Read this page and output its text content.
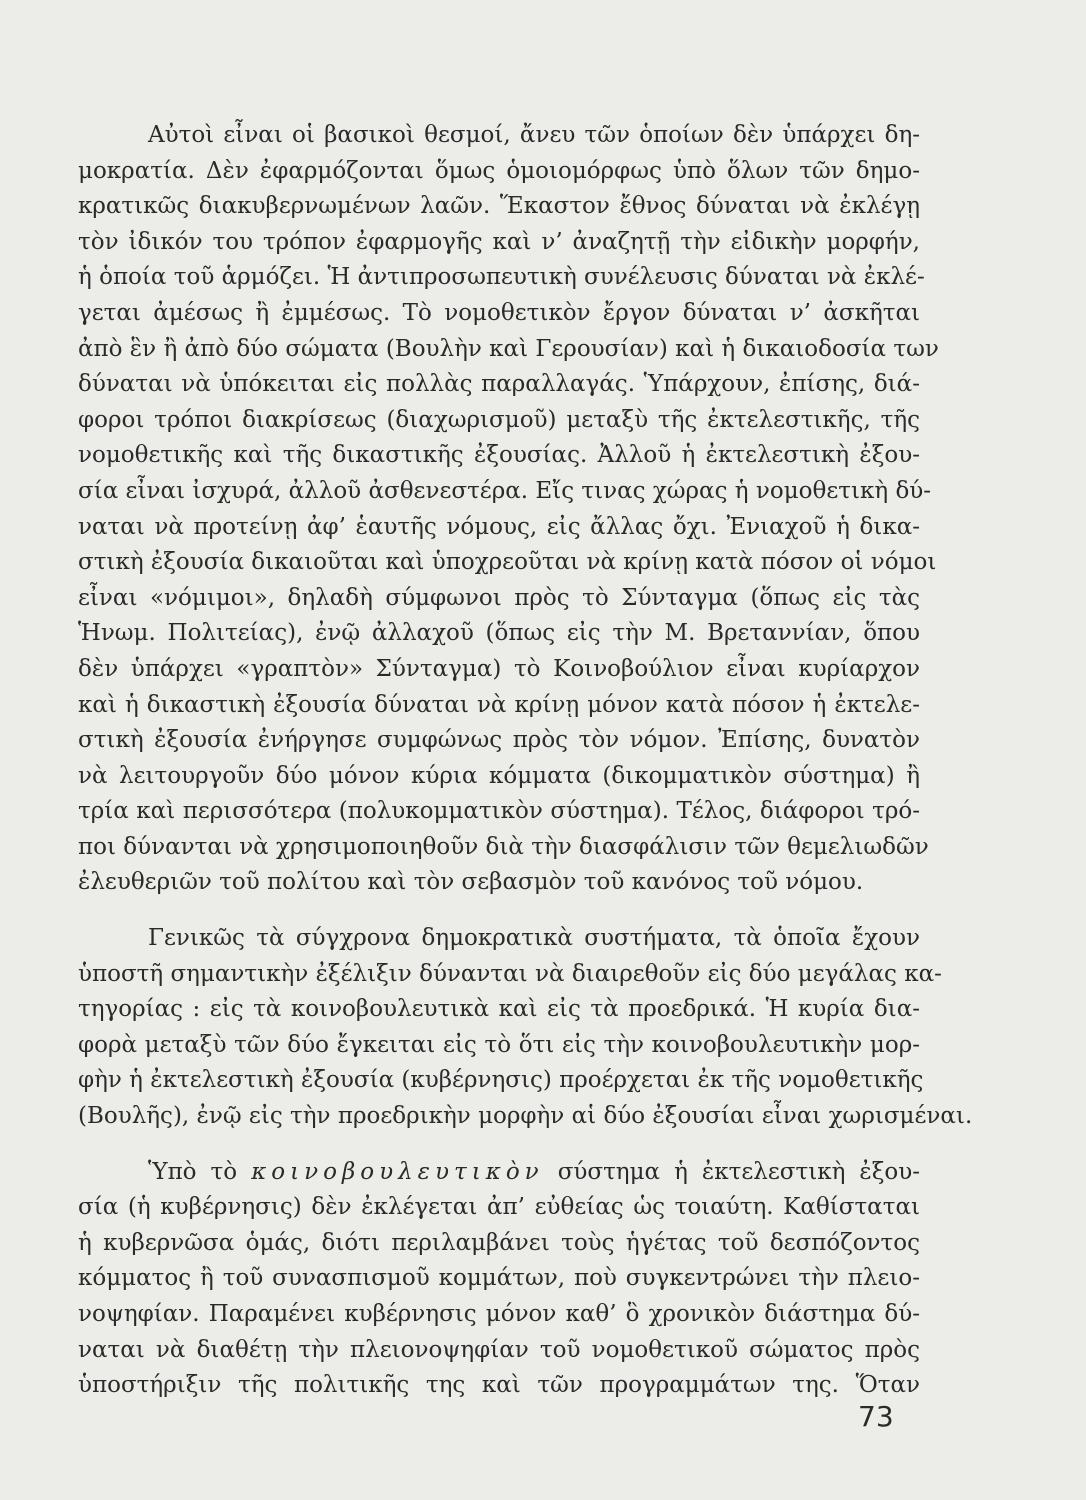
Αὐτοὶ εἶναι οἱ βασικοὶ θεσμοί, ἄνευ τῶν ὁποίων δὲν ὑπάρχει δη-
μοκρατία. Δὲν ἐφαρμόζονται ὅμως ὁμοιομόρφως ὑπὸ ὅλων τῶν δημο-
κρατικῶς διακυβερνωμένων λαῶν. Ἕκαστον ἔθνος δύναται νὰ ἐκλέγῃ
τὸν ἰδικόν του τρόπον ἐφαρμογῆς καὶ ν’ ἀναζητῇ τὴν εἰδικὴν μορφήν,
ἡ ὁποία τοῦ ἁρμόζει. Ἡ ἀντιπροσωπευτικὴ συνέλευσις δύναται νὰ ἐκλέ-
γεται ἀμέσως ἢ ἐμμέσως. Τὸ νομοθετικὸν ἔργον δύναται ν’ ἀσκῆται
ἀπὸ ἓν ἢ ἀπὸ δύο σώματα (Βουλὴν καὶ Γερουσίαν) καὶ ἡ δικαιοδοσία των
δύναται νὰ ὑπόκειται εἰς πολλὰς παραλλαγάς. Ὑπάρχουν, ἐπίσης, διά-
φοροι τρόποι διακρίσεως (διαχωρισμοῦ) μεταξὺ τῆς ἐκτελεστικῆς, τῆς
νομοθετικῆς καὶ τῆς δικαστικῆς ἐξουσίας. Ἀλλοῦ ἡ ἐκτελεστικὴ ἐξου-
σία εἶναι ἰσχυρά, ἀλλοῦ ἀσθενεστέρα. Εἴς τινας χώρας ἡ νομοθετικὴ δύ-
ναται νὰ προτείνῃ ἀφ’ ἑαυτῆς νόμους, εἰς ἄλλας ὄχι. Ἐνιαχοῦ ἡ δικα-
στικὴ ἐξουσία δικαιοῦται καὶ ὑποχρεοῦται νὰ κρίνῃ κατὰ πόσον οἱ νόμοι
εἶναι «νόμιμοι», δηλαδὴ σύμφωνοι πρὸς τὸ Σύνταγμα (ὅπως εἰς τὰς
Ἡνωμ. Πολιτείας), ἐνῷ ἀλλαχοῦ (ὅπως εἰς τὴν Μ. Βρεταννίαν, ὅπου
δὲν ὑπάρχει «γραπτὸν» Σύνταγμα) τὸ Κοινοβούλιον εἶναι κυρίαρχον
καὶ ἡ δικαστικὴ ἐξουσία δύναται νὰ κρίνῃ μόνον κατὰ πόσον ἡ ἐκτελε-
στικὴ ἐξουσία ἐνήργησε συμφώνως πρὸς τὸν νόμον. Ἐπίσης, δυνατὸν
νὰ λειτουργοῦν δύο μόνον κύρια κόμματα (δικομματικὸν σύστημα) ἢ
τρία καὶ περισσότερα (πολυκομματικὸν σύστημα). Τέλος, διάφοροι τρό-
ποι δύνανται νὰ χρησιμοποιηθοῦν διὰ τὴν διασφάλισιν τῶν θεμελιωδῶν
ἐλευθεριῶν τοῦ πολίτου καὶ τὸν σεβασμὸν τοῦ κανόνος τοῦ νόμου.

Γενικῶς τὰ σύγχρονα δημοκρατικὰ συστήματα, τὰ ὁποῖα ἔχουν
ὑποστῆ σημαντικὴν ἐξέλιξιν δύνανται νὰ διαιρεθοῦν εἰς δύο μεγάλας κα-
τηγορίας : εἰς τὰ κοινοβουλευτικὰ καὶ εἰς τὰ προεδρικά. Ἡ κυρία δια-
φορὰ μεταξὺ τῶν δύο ἔγκειται εἰς τὸ ὅτι εἰς τὴν κοινοβουλευτικὴν μορ-
φὴν ἡ ἐκτελεστικὴ ἐξουσία (κυβέρνησις) προέρχεται ἐκ τῆς νομοθετικῆς
(Βουλῆς), ἐνῷ εἰς τὴν προεδρικὴν μορφὴν αἱ δύο ἐξουσίαι εἶναι χωρισμέναι.

Ὑπὸ τὸ κοινοβουλευτικὸν σύστημα ἡ ἐκτελεστικὴ ἐξου-
σία (ἡ κυβέρνησις) δὲν ἐκλέγεται ἀπ’ εὐθείας ὡς τοιαύτη. Καθίσταται
ἡ κυβερνῶσα ὁμάς, διότι περιλαμβάνει τοὺς ἡγέτας τοῦ δεσπόζοντος
κόμματος ἢ τοῦ συνασπισμοῦ κομμάτων, ποὺ συγκεντρώνει τὴν πλειο-
νοψηφίαν. Παραμένει κυβέρνησις μόνον καθ’ ὃ χρονικὸν διάστημα δύ-
ναται νὰ διαθέτῃ τὴν πλειονοψηφίαν τοῦ νομοθετικοῦ σώματος πρὸς
ὑποστήριξιν τῆς πολιτικῆς της καὶ τῶν προγραμμάτων της. Ὅταν

73
